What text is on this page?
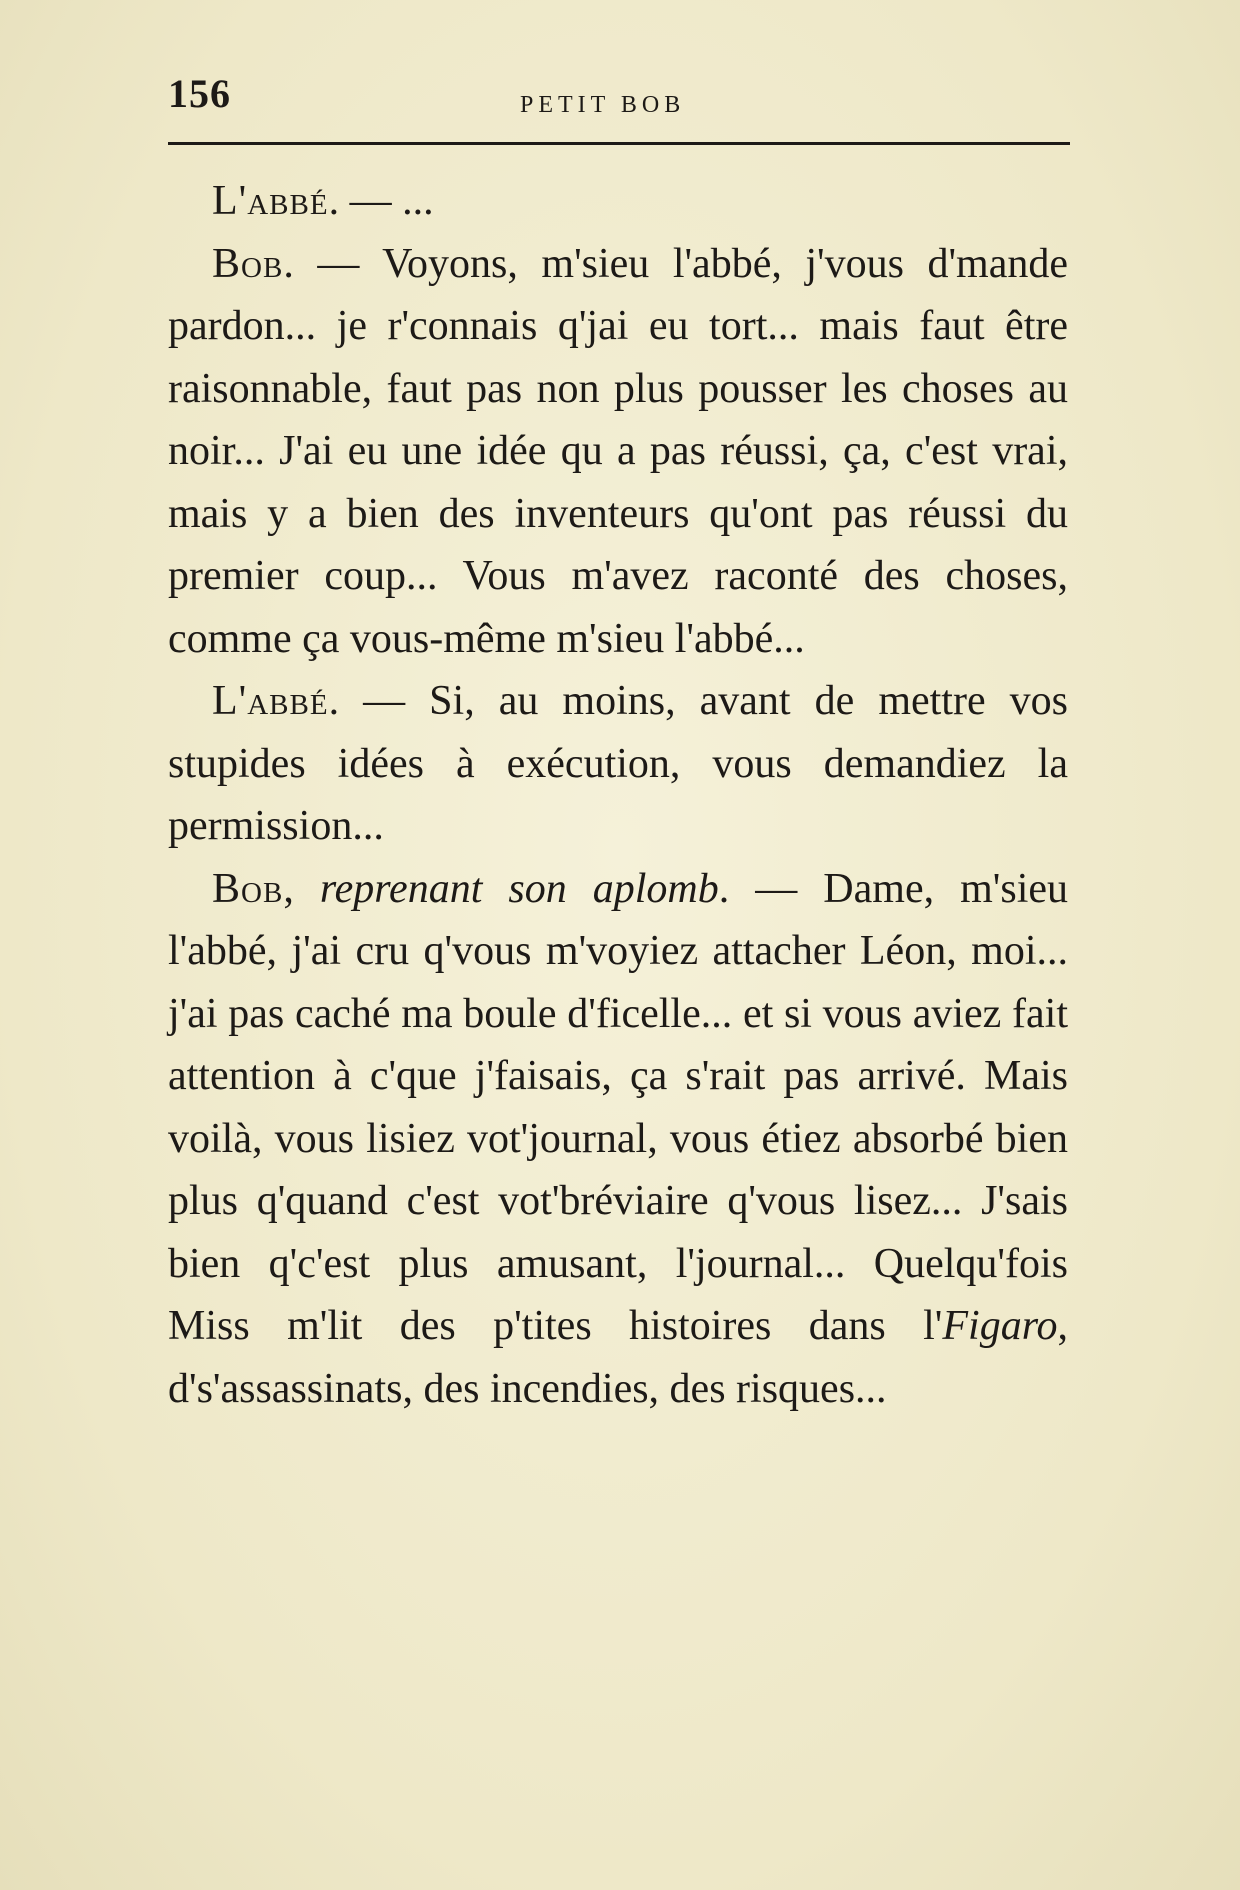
156	PETIT BOB

L'abbé. — ...

Bob. — Voyons, m'sieu l'abbé, j'vous d'mande pardon... je r'connais q'jai eu tort... mais faut être raisonnable, faut pas non plus pousser les choses au noir... J'ai eu une idée qu a pas réussi, ça, c'est vrai, mais y a bien des inventeurs qu'ont pas réussi du premier coup... Vous m'avez raconté des choses, comme ça vous-même m'sieu l'abbé...

L'abbé. — Si, au moins, avant de mettre vos stupides idées à exécution, vous demandiez la permission...

Bob, reprenant son aplomb. — Dame, m'sieu l'abbé, j'ai cru q'vous m'voyiez attacher Léon, moi... j'ai pas caché ma boule d'ficelle... et si vous aviez fait attention à c'que j'faisais, ça s'rait pas arrivé. Mais voilà, vous lisiez vot'journal, vous étiez absorbé bien plus q'quand c'est vot'bréviaire q'vous lisez... J'sais bien q'c'est plus amusant, l'journal... Quelqu'fois Miss m'lit des p'tites histoires dans l'Figaro, d's'assassinats, des incendies, des risques...
